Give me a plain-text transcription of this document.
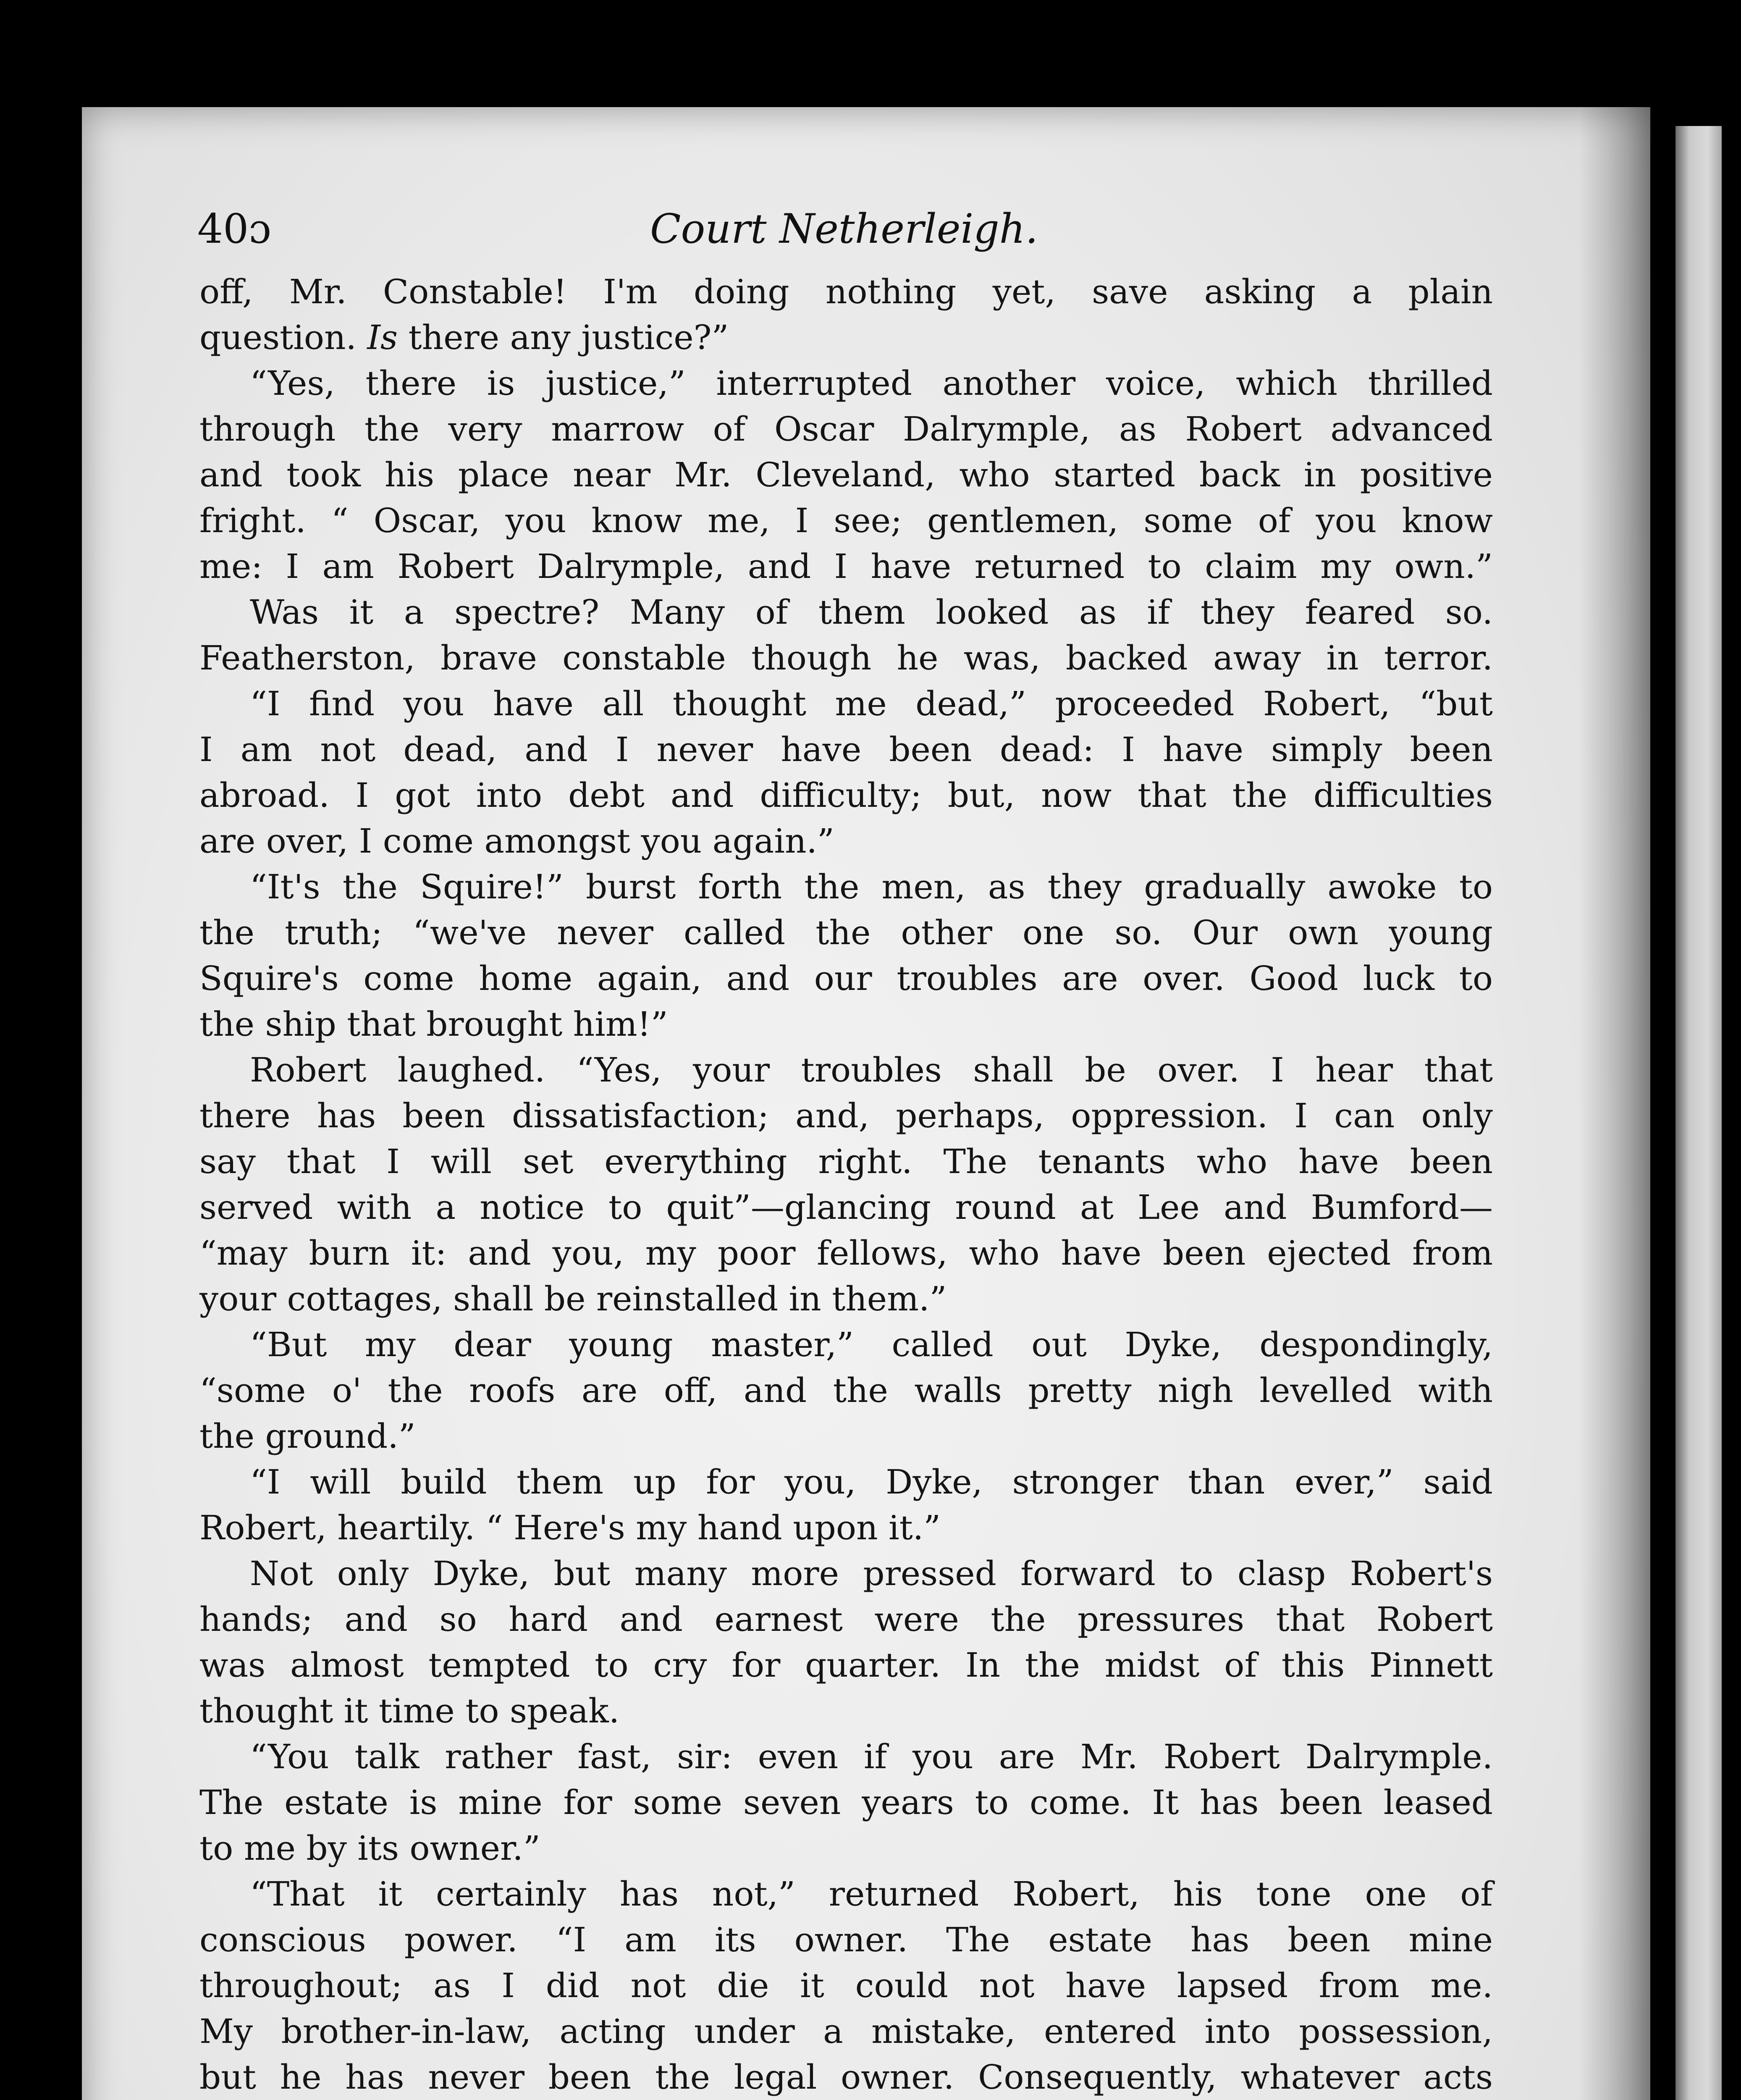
40ɔ	Court Netherleigh.
off, Mr. Constable! I'm doing nothing yet, save asking a plain
question. Is there any justice?”
“Yes, there is justice,” interrupted another voice, which thrilled
through the very marrow of Oscar Dalrymple, as Robert advanced
and took his place near Mr. Cleveland, who started back in positive
fright. “ Oscar, you know me, I see; gentlemen, some of you know
me: I am Robert Dalrymple, and I have returned to claim my own.”
Was it a spectre? Many of them looked as if they feared so.
Featherston, brave constable though he was, backed away in terror.
“I find you have all thought me dead,” proceeded Robert, “but
I am not dead, and I never have been dead: I have simply been
abroad. I got into debt and difficulty; but, now that the difficulties
are over, I come amongst you again.”
“It's the Squire!” burst forth the men, as they gradually awoke to
the truth; “we've never called the other one so. Our own young
Squire's come home again, and our troubles are over. Good luck to
the ship that brought him!”
Robert laughed. “Yes, your troubles shall be over. I hear that
there has been dissatisfaction; and, perhaps, oppression. I can only
say that I will set everything right. The tenants who have been
served with a notice to quit”—glancing round at Lee and Bumford—
“may burn it: and you, my poor fellows, who have been ejected from
your cottages, shall be reinstalled in them.”
“But my dear young master,” called out Dyke, despondingly,
“some o' the roofs are off, and the walls pretty nigh levelled with
the ground.”
“I will build them up for you, Dyke, stronger than ever,” said
Robert, heartily. “ Here's my hand upon it.”
Not only Dyke, but many more pressed forward to clasp Robert's
hands; and so hard and earnest were the pressures that Robert
was almost tempted to cry for quarter. In the midst of this Pinnett
thought it time to speak.
“You talk rather fast, sir: even if you are Mr. Robert Dalrymple.
The estate is mine for some seven years to come. It has been leased
to me by its owner.”
“That it certainly has not,” returned Robert, his tone one of
conscious power. “I am its owner. The estate has been mine
throughout; as I did not die it could not have lapsed from me.
My brother-in-law, acting under a mistake, entered into possession,
but he has never been the legal owner. Consequently, whatever acts
